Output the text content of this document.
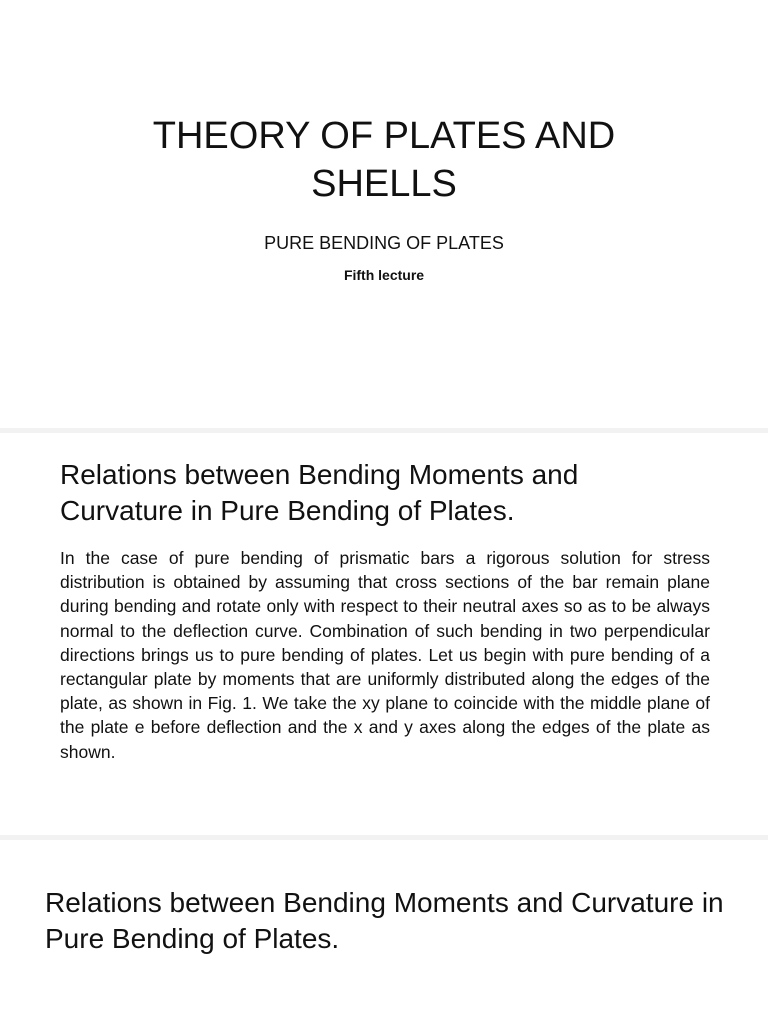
THEORY OF PLATES AND SHELLS

PURE BENDING OF PLATES

Fifth lecture

Relations between Bending Moments and Curvature in Pure Bending of Plates.

In the case of pure bending of prismatic bars a rigorous solution for stress distribution is obtained by assuming that cross sections of the bar remain plane during bending and rotate only with respect to their neutral axes so as to be always normal to the deflection curve. Combination of such bending in two perpendicular directions brings us to pure bending of plates. Let us begin with pure bending of a rectangular plate by moments that are uniformly distributed along the edges of the plate, as shown in Fig. 1. We take the xy plane to coincide with the middle plane of the plate e before deflection and the x and y axes along the edges of the plate as shown.

Relations between Bending Moments and Curvature in Pure Bending of Plates.
